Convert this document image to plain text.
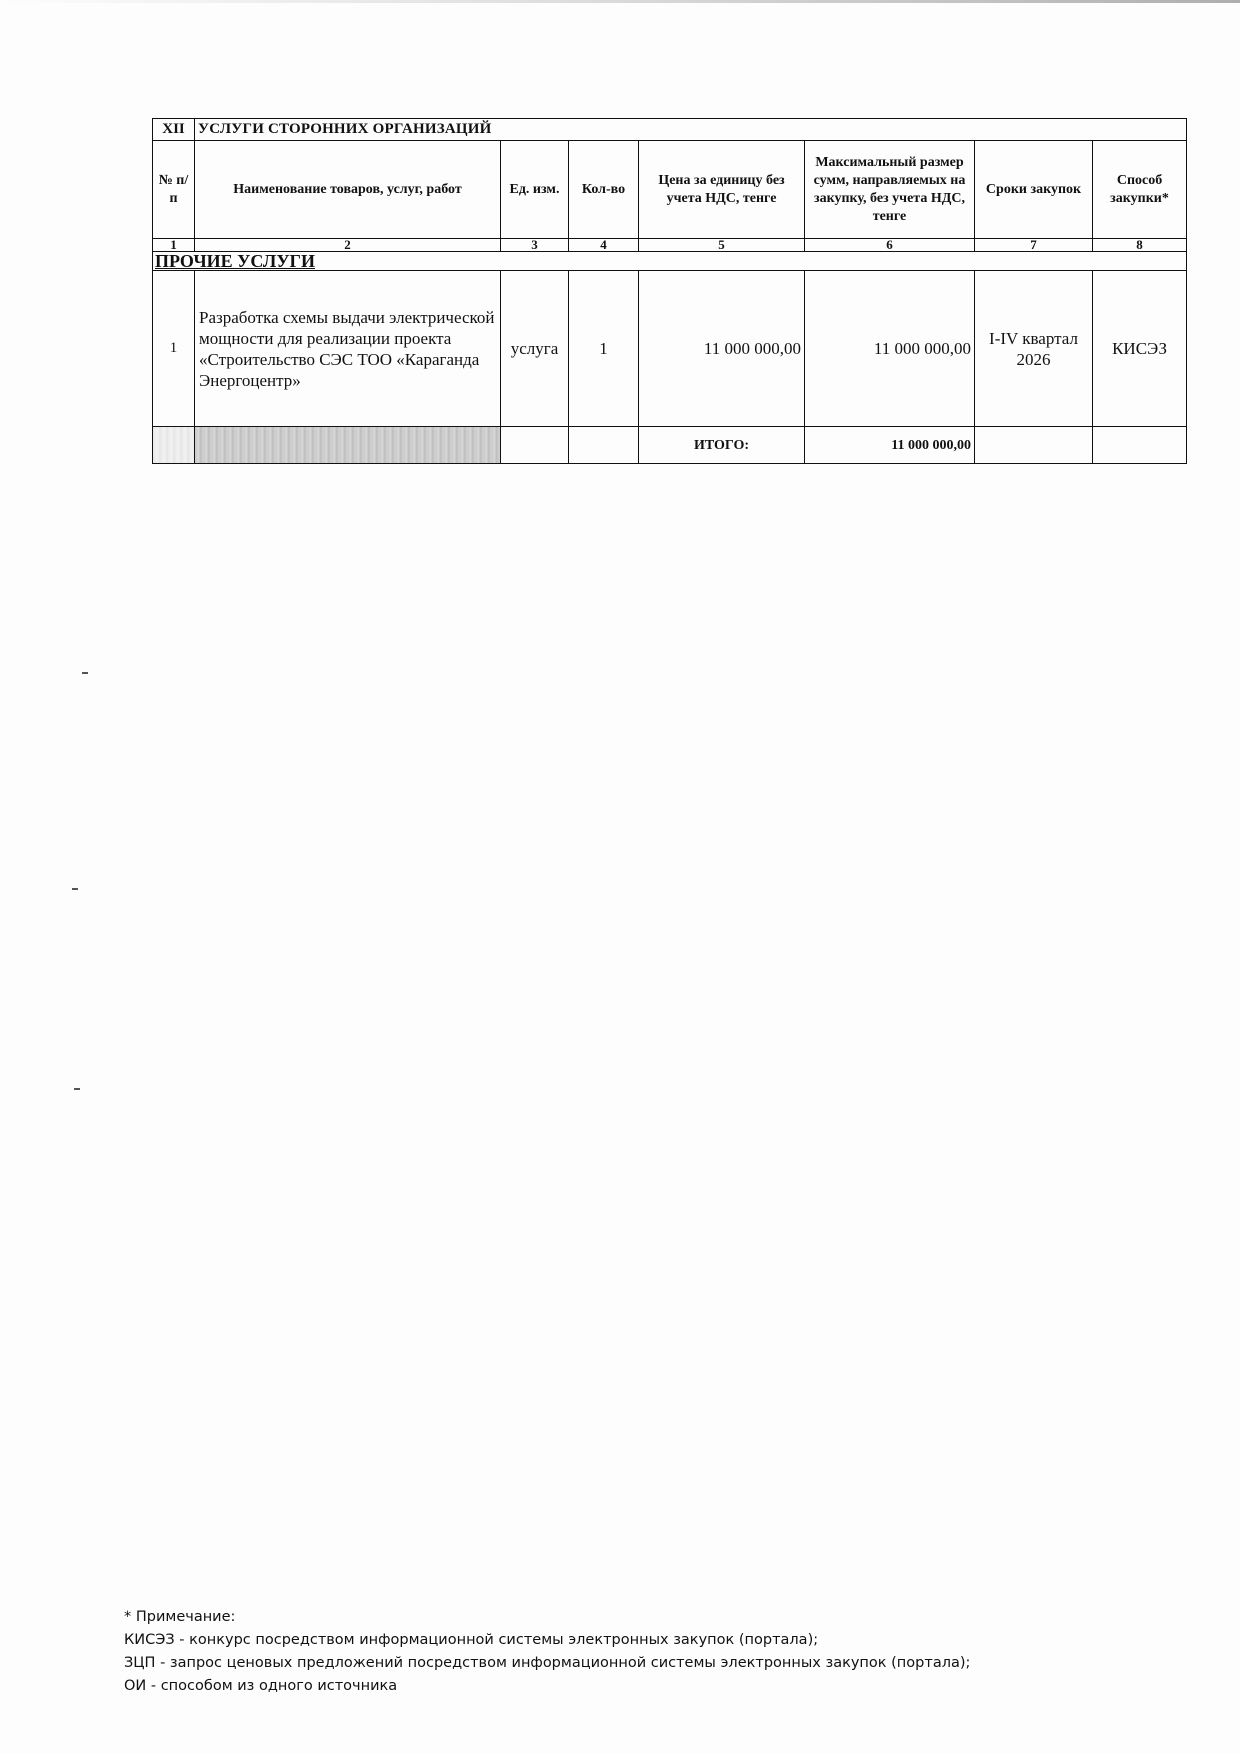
XII	УСЛУГИ СТОРОННИХ ОРГАНИЗАЦИЙ						
№ п/п	Наименование товаров, услуг, работ	Ед. изм.	Кол-во	Цена за единицу без учета НДС, тенге	Максимальный размер сумм, направляемых на закупку, без учета НДС, тенге	Сроки закупок	Способ закупки*
1	2	3	4	5	6	7	8
ПРОЧИЕ УСЛУГИ							
1	Разработка схемы выдачи электрической мощности для реализации проекта «Строительство СЭС ТОО «Караганда Энергоцентр»	услуга	1	11 000 000,00	11 000 000,00	I-IV квартал 2026	КИСЭЗ
				ИТОГО:	11 000 000,00		
* Примечание:
КИСЭЗ - конкурс посредством информационной системы электронных закупок (портала);
ЗЦП - запрос ценовых предложений посредством информационной системы электронных закупок (портала);
ОИ - способом из одного источника
